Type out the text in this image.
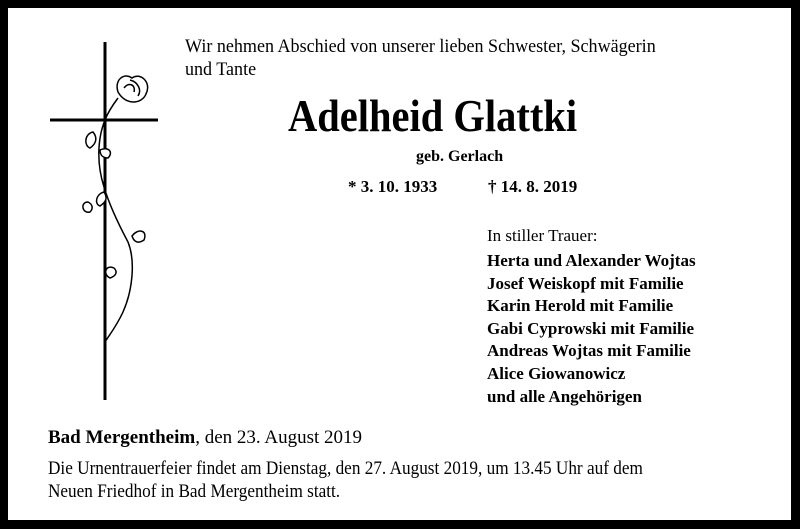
Wir nehmen Abschied von unserer lieben Schwester, Schwägerin
und Tante
Adelheid Glattki
geb. Gerlach
* 3. 10. 1933	† 14. 8. 2019
In stiller Trauer:
Herta und Alexander Wojtas
Josef Weiskopf mit Familie
Karin Herold mit Familie
Gabi Cyprowski mit Familie
Andreas Wojtas mit Familie
Alice Giowanowicz
und alle Angehörigen
Bad Mergentheim, den 23. August 2019
Die Urnentrauerfeier findet am Dienstag, den 27. August 2019, um 13.45 Uhr auf dem
Neuen Friedhof in Bad Mergentheim statt.
